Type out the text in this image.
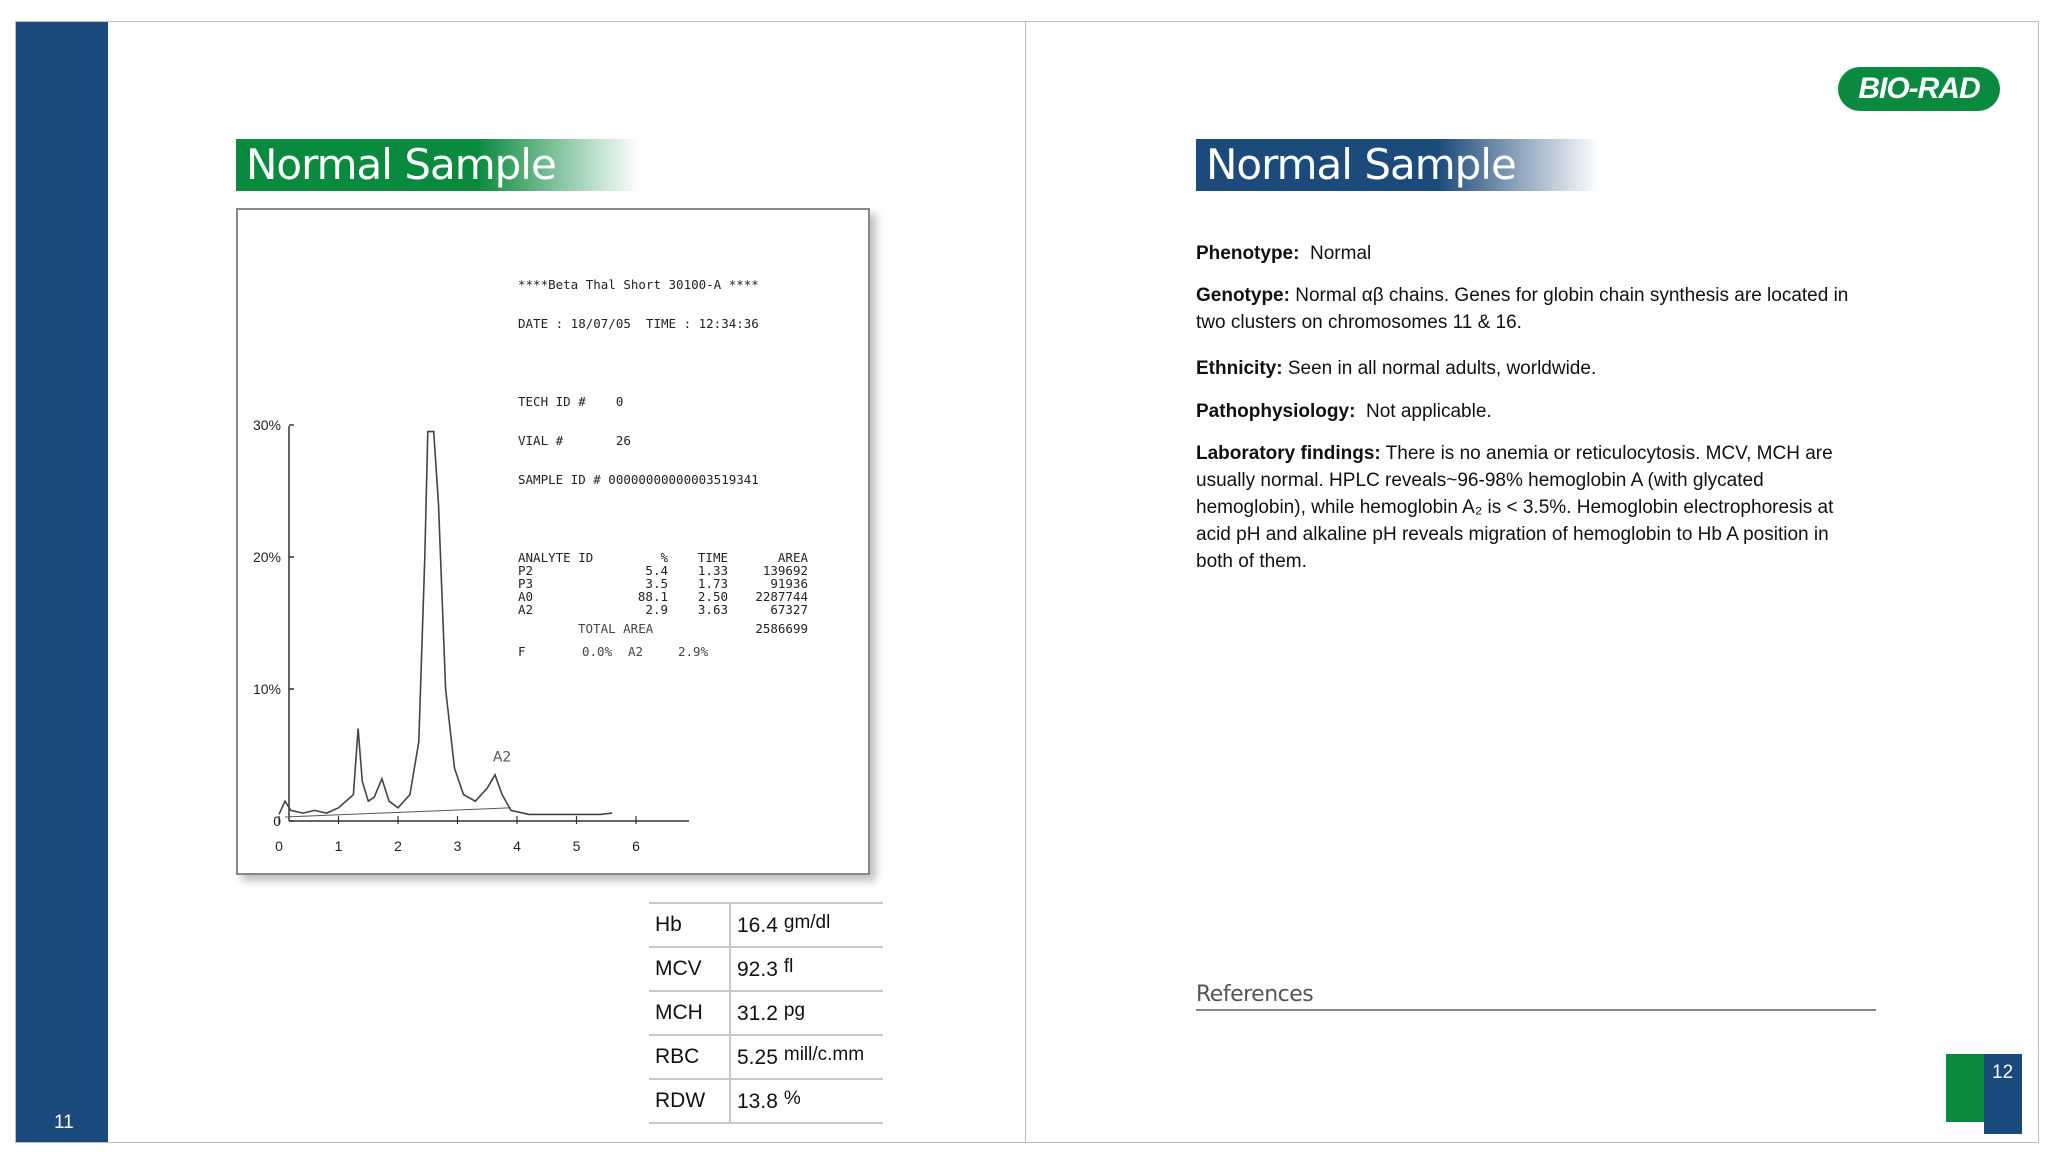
11
Normal Sample

****Beta Thal Short 30100-A ****

DATE : 18/07/05
TIME : 12:34:36

TECH ID #    0

VIAL #       26

SAMPLE ID # 00000000000003519341

ANALYTE ID	%	TIME	AREA
P2	5.4	1.33	139692
P3	3.5	1.73	91936
A0	88.1	2.50	2287744
A2	2.9	3.63	67327
TOTAL AREA	2586699
F	0.0%	A2	2.9%

30%
20%
10%
0
0	1	2	3	4	5	6
A2
Hb	16.4 gm/dl
MCV	92.3 fl
MCH	31.2 pg
RBC	5.25 mill/c.mm
RDW	13.8 %
BIO-RAD
Normal Sample
Phenotype: Normal
Genotype: Normal αβ chains. Genes for globin chain synthesis are located in two clusters on chromosomes 11 & 16.
Ethnicity: Seen in all normal adults, worldwide.
Pathophysiology: Not applicable.
Laboratory findings: There is no anemia or reticulocytosis. MCV, MCH are usually normal. HPLC reveals~96-98% hemoglobin A (with glycated hemoglobin), while hemoglobin A₂ is < 3.5%. Hemoglobin electrophoresis at acid pH and alkaline pH reveals migration of hemoglobin to Hb A position in both of them.
References
12
